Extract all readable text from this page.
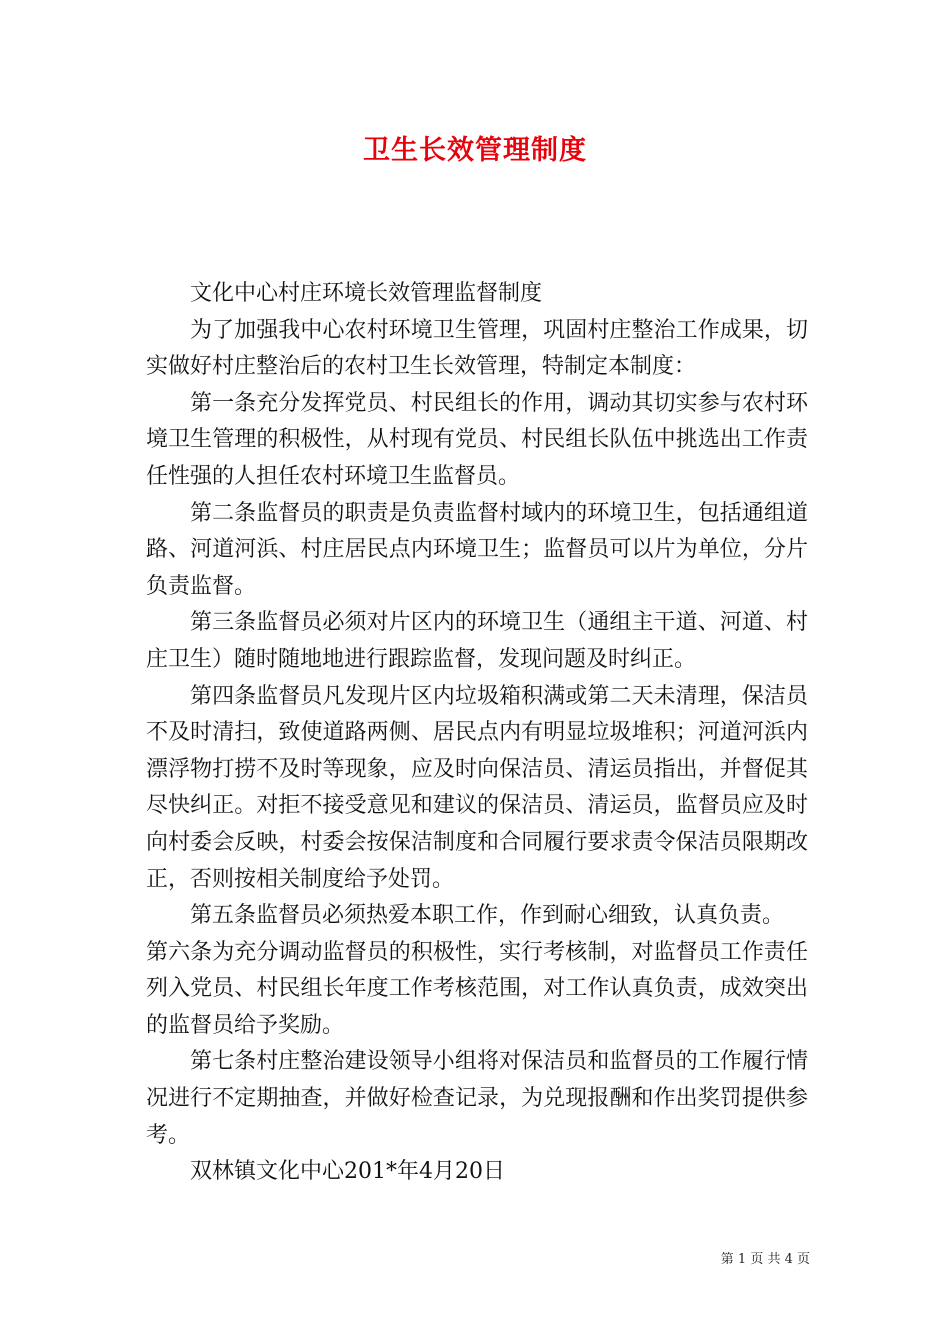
卫生长效管理制度

文化中心村庄环境长效管理监督制度

为了加强我中心农村环境卫生管理，巩固村庄整治工作成果，切实做好村庄整治后的农村卫生长效管理，特制定本制度：

第一条充分发挥党员、村民组长的作用，调动其切实参与农村环境卫生管理的积极性，从村现有党员、村民组长队伍中挑选出工作责任性强的人担任农村环境卫生监督员。

第二条监督员的职责是负责监督村域内的环境卫生，包括通组道路、河道河浜、村庄居民点内环境卫生；监督员可以片为单位，分片负责监督。

第三条监督员必须对片区内的环境卫生（通组主干道、河道、村庄卫生）随时随地地进行跟踪监督，发现问题及时纠正。

第四条监督员凡发现片区内垃圾箱积满或第二天未清理，保洁员不及时清扫，致使道路两侧、居民点内有明显垃圾堆积；河道河浜内漂浮物打捞不及时等现象，应及时向保洁员、清运员指出，并督促其尽快纠正。对拒不接受意见和建议的保洁员、清运员，监督员应及时向村委会反映，村委会按保洁制度和合同履行要求责令保洁员限期改正，否则按相关制度给予处罚。

第五条监督员必须热爱本职工作，作到耐心细致，认真负责。

第六条为充分调动监督员的积极性，实行考核制，对监督员工作责任列入党员、村民组长年度工作考核范围，对工作认真负责，成效突出的监督员给予奖励。

第七条村庄整治建设领导小组将对保洁员和监督员的工作履行情况进行不定期抽查，并做好检查记录，为兑现报酬和作出奖罚提供参考。

双林镇文化中心201*年4月20日

第 1 页 共 4 页
